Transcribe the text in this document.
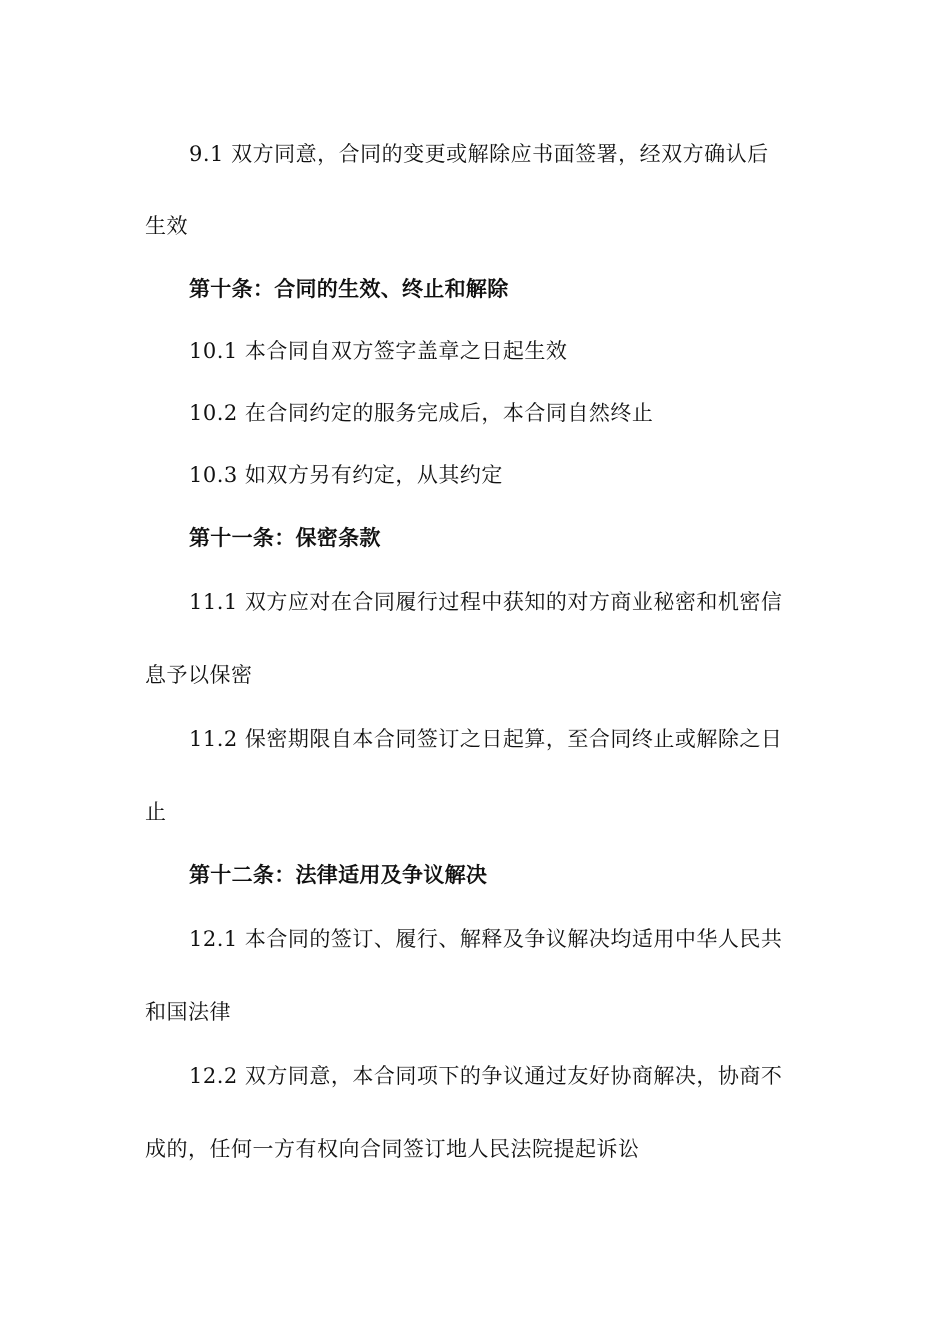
9.1 双方同意，合同的变更或解除应书面签署，经双方确认后
生效
第十条：合同的生效、终止和解除
10.1 本合同自双方签字盖章之日起生效
10.2 在合同约定的服务完成后，本合同自然终止
10.3 如双方另有约定，从其约定
第十一条：保密条款
11.1 双方应对在合同履行过程中获知的对方商业秘密和机密信
息予以保密
11.2 保密期限自本合同签订之日起算，至合同终止或解除之日
止
第十二条：法律适用及争议解决
12.1 本合同的签订、履行、解释及争议解决均适用中华人民共
和国法律
12.2 双方同意，本合同项下的争议通过友好协商解决，协商不
成的，任何一方有权向合同签订地人民法院提起诉讼
